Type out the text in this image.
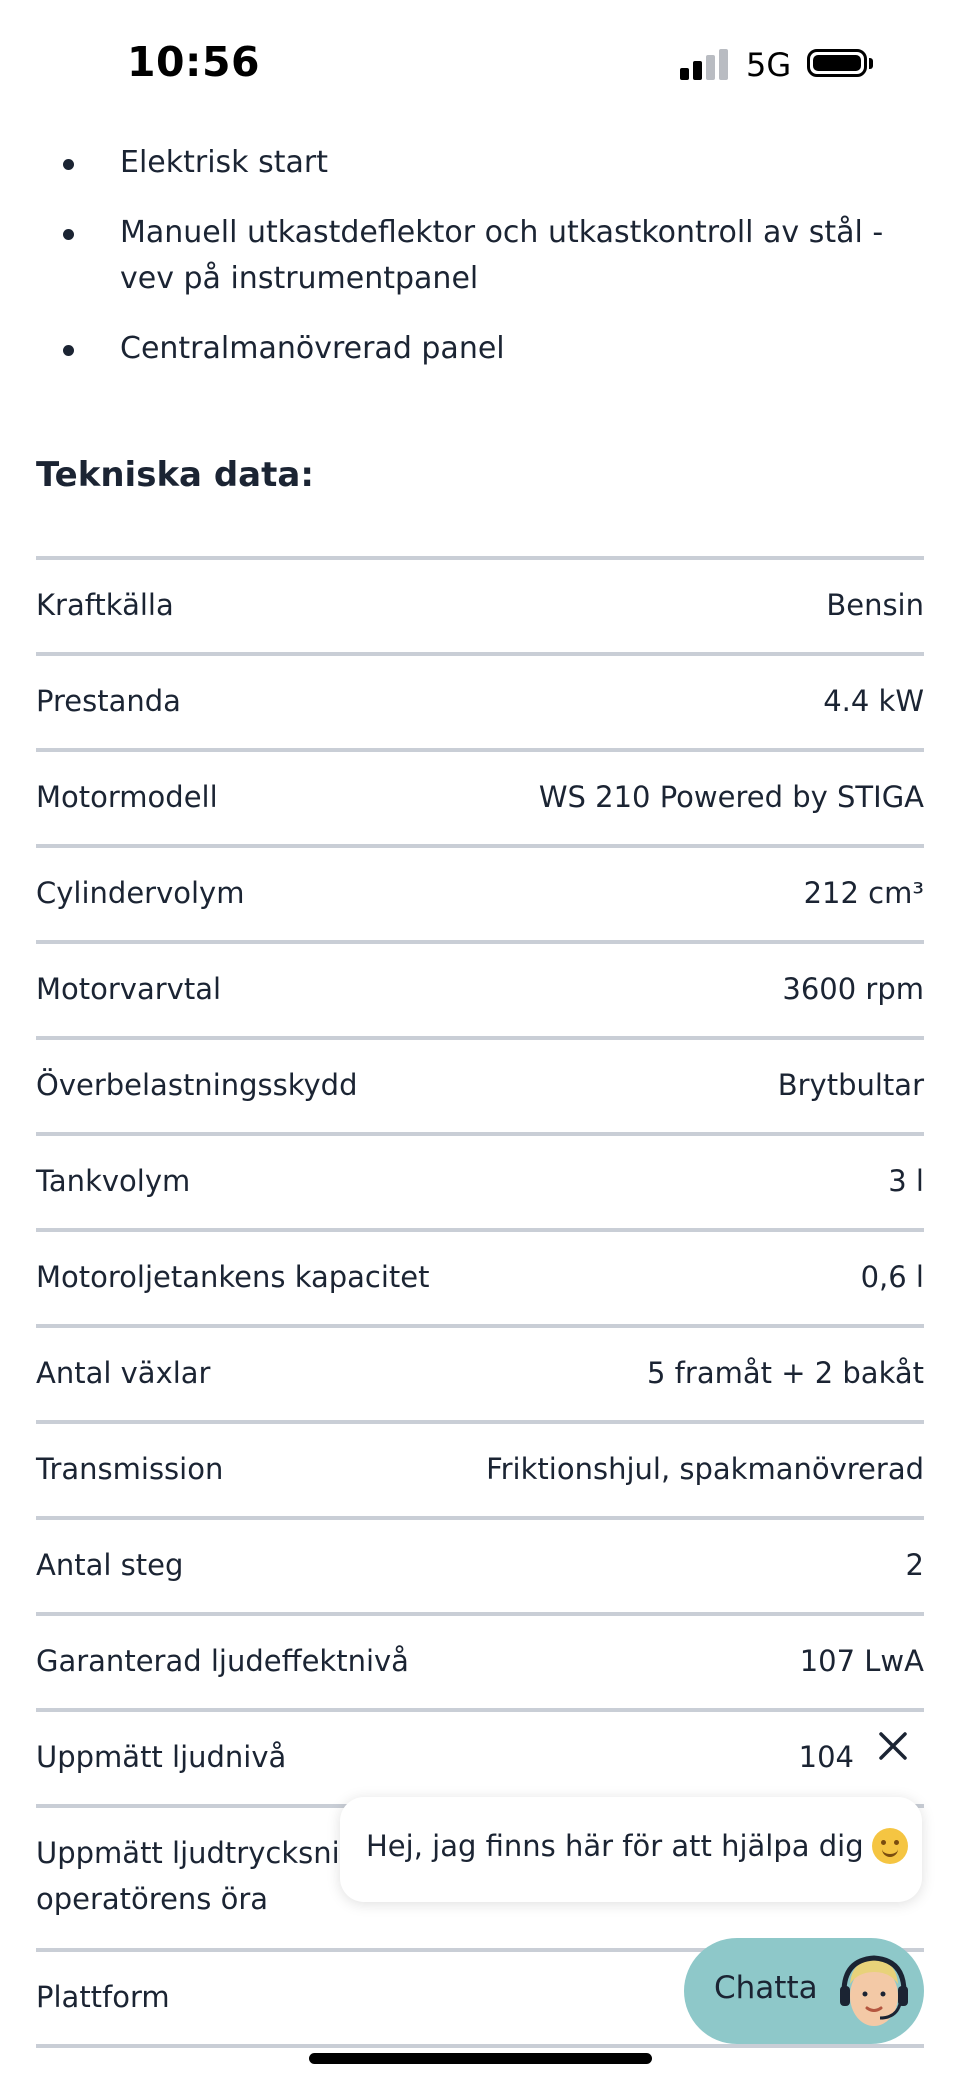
10:56	5G
Elektrisk start
Manuell utkastdeflektor och utkastkontroll av stål - vev på instrumentpanel
Centralmanövrerad panel
Tekniska data:
Kraftkälla	Bensin
Prestanda	4.4 kW
Motormodell	WS 210 Powered by STIGA
Cylindervolym	212 cm³
Motorvarvtal	3600 rpm
Överbelastningsskydd	Brytbultar
Tankvolym	3 l
Motoroljetankens kapacitet	0,6 l
Antal växlar	5 framåt + 2 bakåt
Transmission	Friktionshjul, spakmanövrerad
Antal steg	2
Garanterad ljudeffektnivå	107 LwA
Uppmätt ljudnivå	104
Uppmätt ljudtrycksni
operatörens öra
Plattform
Hej, jag finns här för att hjälpa dig
Chatta
